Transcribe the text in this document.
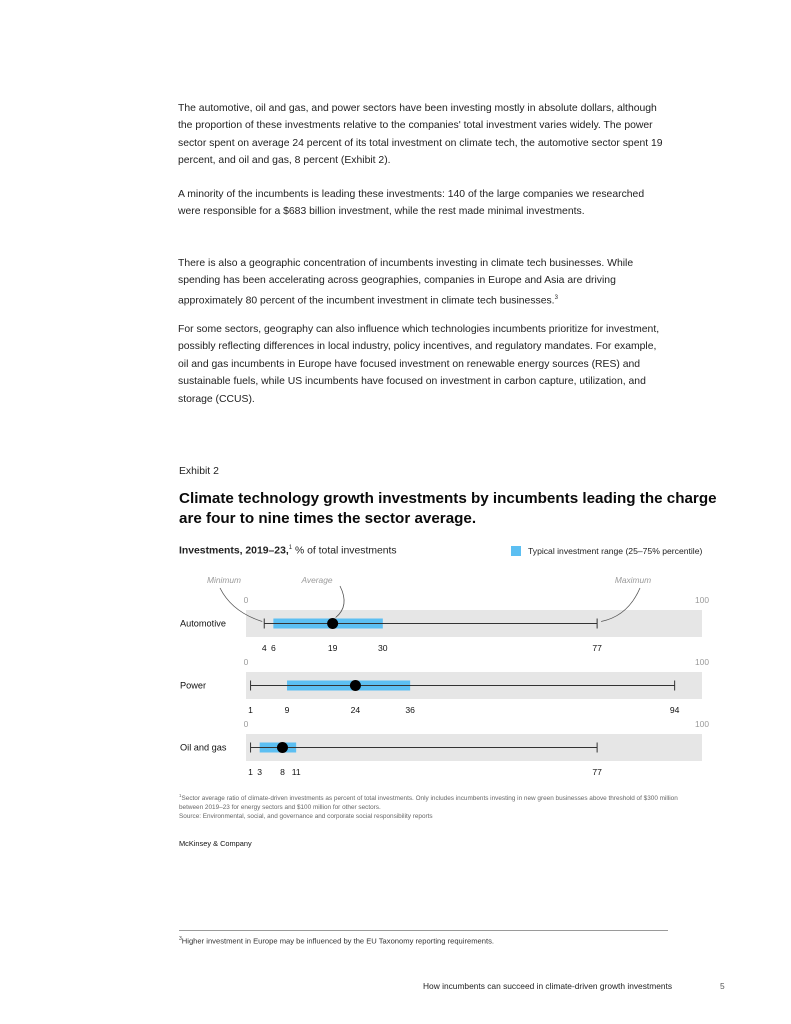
The automotive, oil and gas, and power sectors have been investing mostly in absolute dollars, although the proportion of these investments relative to the companies' total investment varies widely. The power sector spent on average 24 percent of its total investment on climate tech, the automotive sector spent 19 percent, and oil and gas, 8 percent (Exhibit 2).

A minority of the incumbents is leading these investments: 140 of the large companies we researched were responsible for a $683 billion investment, while the rest made minimal investments.

There is also a geographic concentration of incumbents investing in climate tech businesses. While spending has been accelerating across geographies, companies in Europe and Asia are driving approximately 80 percent of the incumbent investment in climate tech businesses.$^3$

For some sectors, geography can also influence which technologies incumbents prioritize for investment, possibly reflecting differences in local industry, policy incentives, and regulatory mandates. For example, oil and gas incumbents in Europe have focused investment on renewable energy sources (RES) and sustainable fuels, while US incumbents have focused on investment in carbon capture, utilization, and storage (CCUS).

Exhibit 2
Climate technology growth investments by incumbents leading the charge are four to nine times the sector average.
Investments, 2019–23,$^1$ % of total investments	Typical investment range (25–75% percentile)
0	100
Automotive
4 6	19	30	77
0	100
Power
1	9	24	36	94
0	100
Oil and gas
1 3 8 11	77
Minimum	Average	Maximum
$^1$Sector average ratio of climate-driven investments as percent of total investments. Only includes incumbents investing in new green businesses above threshold of $300 million between 2019–23 for energy sectors and $100 million for other sectors.
Source: Environmental, social, and governance and corporate social responsibility reports
McKinsey & Company
$^3$Higher investment in Europe may be influenced by the EU Taxonomy reporting requirements.
How incumbents can succeed in climate-driven growth investments	5
